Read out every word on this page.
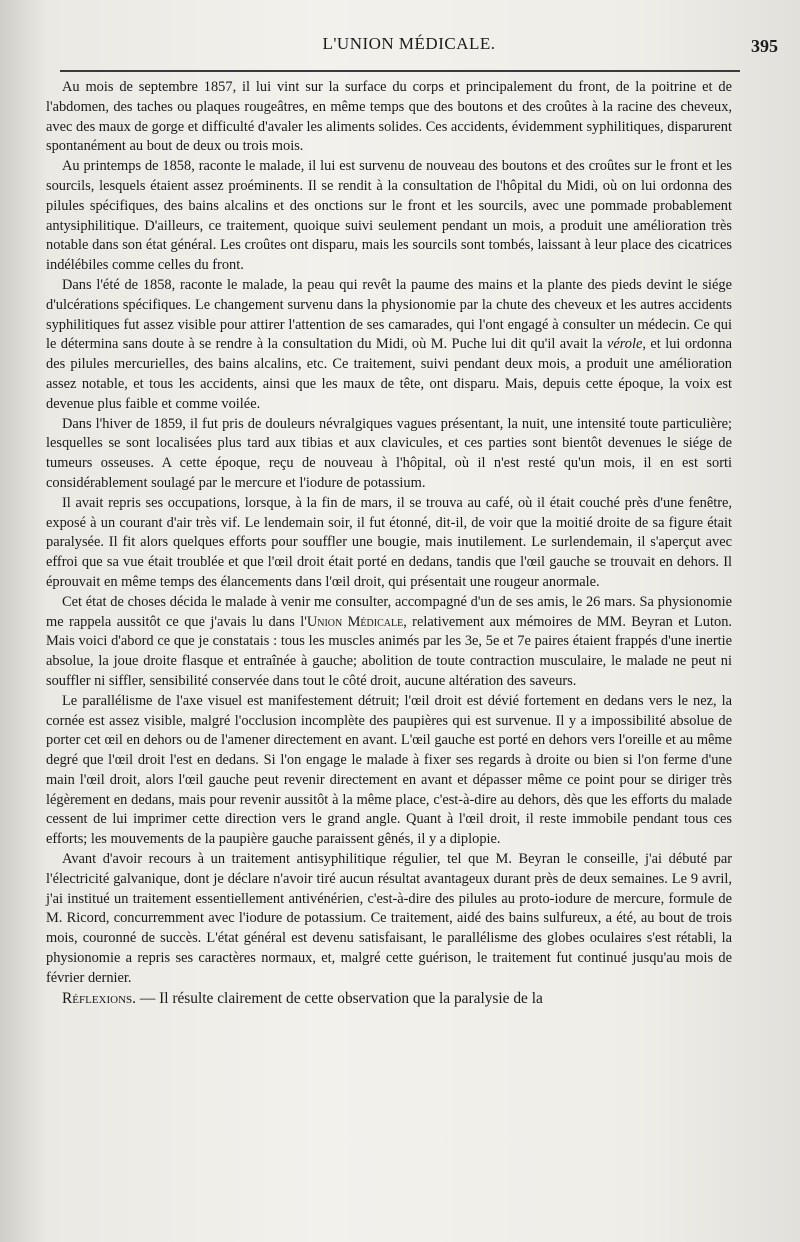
L'UNION MÉDICALE.	395

Au mois de septembre 1857, il lui vint sur la surface du corps et principalement du front, de la poitrine et de l'abdomen, des taches ou plaques rougeâtres, en même temps que des boutons et des croûtes à la racine des cheveux, avec des maux de gorge et difficulté d'avaler les aliments solides. Ces accidents, évidemment syphilitiques, disparurent spontanément au bout de deux ou trois mois.

Au printemps de 1858, raconte le malade, il lui est survenu de nouveau des boutons et des croûtes sur le front et les sourcils, lesquels étaient assez proéminents. Il se rendit à la consultation de l'hôpital du Midi, où on lui ordonna des pilules spécifiques, des bains alcalins et des onctions sur le front et les sourcils, avec une pommade probablement antysiphilitique. D'ailleurs, ce traitement, quoique suivi seulement pendant un mois, a produit une amélioration très notable dans son état général. Les croûtes ont disparu, mais les sourcils sont tombés, laissant à leur place des cicatrices indélébiles comme celles du front.

Dans l'été de 1858, raconte le malade, la peau qui revêt la paume des mains et la plante des pieds devint le siége d'ulcérations spécifiques. Le changement survenu dans la physionomie par la chute des cheveux et les autres accidents syphilitiques fut assez visible pour attirer l'attention de ses camarades, qui l'ont engagé à consulter un médecin. Ce qui le détermina sans doute à se rendre à la consultation du Midi, où M. Puche lui dit qu'il avait la vérole, et lui ordonna des pilules mercurielles, des bains alcalins, etc. Ce traitement, suivi pendant deux mois, a produit une amélioration assez notable, et tous les accidents, ainsi que les maux de tête, ont disparu. Mais, depuis cette époque, la voix est devenue plus faible et comme voilée.

Dans l'hiver de 1859, il fut pris de douleurs névralgiques vagues présentant, la nuit, une intensité toute particulière; lesquelles se sont localisées plus tard aux tibias et aux clavicules, et ces parties sont bientôt devenues le siége de tumeurs osseuses. A cette époque, reçu de nouveau à l'hôpital, où il n'est resté qu'un mois, il en est sorti considérablement soulagé par le mercure et l'iodure de potassium.

Il avait repris ses occupations, lorsque, à la fin de mars, il se trouva au café, où il était couché près d'une fenêtre, exposé à un courant d'air très vif. Le lendemain soir, il fut étonné, dit-il, de voir que la moitié droite de sa figure était paralysée. Il fit alors quelques efforts pour souffler une bougie, mais inutilement. Le surlendemain, il s'aperçut avec effroi que sa vue était troublée et que l'œil droit était porté en dedans, tandis que l'œil gauche se trouvait en dehors. Il éprouvait en même temps des élancements dans l'œil droit, qui présentait une rougeur anormale.

Cet état de choses décida le malade à venir me consulter, accompagné d'un de ses amis, le 26 mars. Sa physionomie me rappela aussitôt ce que j'avais lu dans l'Union Médicale, relativement aux mémoires de MM. Beyran et Luton. Mais voici d'abord ce que je constatais : tous les muscles animés par les 3e, 5e et 7e paires étaient frappés d'une inertie absolue, la joue droite flasque et entraînée à gauche; abolition de toute contraction musculaire, le malade ne peut ni souffler ni siffler, sensibilité conservée dans tout le côté droit, aucune altération des saveurs.

Le parallélisme de l'axe visuel est manifestement détruit; l'œil droit est dévié fortement en dedans vers le nez, la cornée est assez visible, malgré l'occlusion incomplète des paupières qui est survenue. Il y a impossibilité absolue de porter cet œil en dehors ou de l'amener directement en avant. L'œil gauche est porté en dehors vers l'oreille et au même degré que l'œil droit l'est en dedans. Si l'on engage le malade à fixer ses regards à droite ou bien si l'on ferme d'une main l'œil droit, alors l'œil gauche peut revenir directement en avant et dépasser même ce point pour se diriger très légèrement en dedans, mais pour revenir aussitôt à la même place, c'est-à-dire au dehors, dès que les efforts du malade cessent de lui imprimer cette direction vers le grand angle. Quant à l'œil droit, il reste immobile pendant tous ces efforts; les mouvements de la paupière gauche paraissent gênés, il y a diplopie.

Avant d'avoir recours à un traitement antisyphilitique régulier, tel que M. Beyran le conseille, j'ai débuté par l'électricité galvanique, dont je déclare n'avoir tiré aucun résultat avantageux durant près de deux semaines. Le 9 avril, j'ai institué un traitement essentiellement antivénérien, c'est-à-dire des pilules au proto-iodure de mercure, formule de M. Ricord, concurremment avec l'iodure de potassium. Ce traitement, aidé des bains sulfureux, a été, au bout de trois mois, couronné de succès. L'état général est devenu satisfaisant, le parallélisme des globes oculaires s'est rétabli, la physionomie a repris ses caractères normaux, et, malgré cette guérison, le traitement fut continué jusqu'au mois de février dernier.

Réflexions. — Il résulte clairement de cette observation que la paralysie de la
